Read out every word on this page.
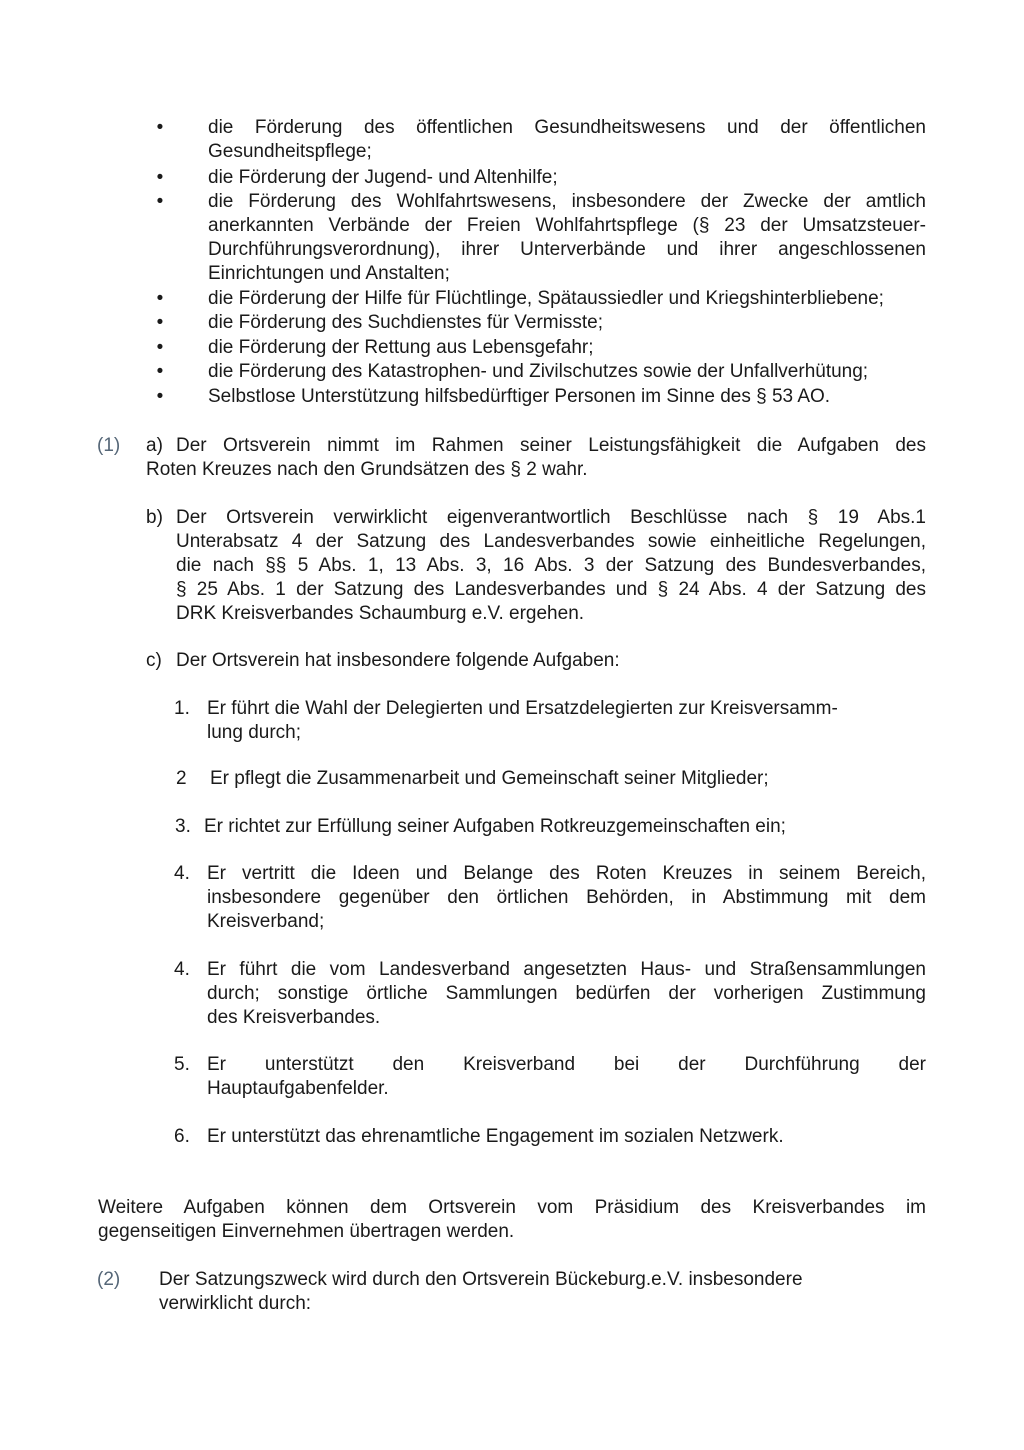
•	die Förderung des öffentlichen Gesundheitswesens und der öffentlichen
Gesundheitspflege;
•	die Förderung der Jugend- und Altenhilfe;
•	die Förderung des Wohlfahrtswesens, insbesondere der Zwecke der amtlich
anerkannten Verbände der Freien Wohlfahrtspflege (§ 23 der Umsatzsteuer-
Durchführungsverordnung), ihrer Unterverbände und ihrer angeschlossenen
Einrichtungen und Anstalten;
•	die Förderung der Hilfe für Flüchtlinge, Spätaussiedler und Kriegshinterbliebene;
•	die Förderung des Suchdienstes für Vermisste;
•	die Förderung der Rettung aus Lebensgefahr;
•	die Förderung des Katastrophen- und Zivilschutzes sowie der Unfallverhütung;
•	Selbstlose Unterstützung hilfsbedürftiger Personen im Sinne des § 53 AO.
(1) a) Der Ortsverein nimmt im Rahmen seiner Leistungsfähigkeit die Aufgaben des
Roten Kreuzes nach den Grundsätzen des § 2 wahr.
b) Der Ortsverein verwirklicht eigenverantwortlich Beschlüsse nach § 19 Abs.1
Unterabsatz 4 der Satzung des Landesverbandes sowie einheitliche Regelungen,
die nach §§ 5 Abs. 1, 13 Abs. 3, 16 Abs. 3 der Satzung des Bundesverbandes,
§ 25 Abs. 1 der Satzung des Landesverbandes und § 24 Abs. 4 der Satzung des
DRK Kreisverbandes Schaumburg e.V. ergehen.
c) Der Ortsverein hat insbesondere folgende Aufgaben:
1. Er führt die Wahl der Delegierten und Ersatzdelegierten zur Kreisversamm-
lung durch;
2 Er pflegt die Zusammenarbeit und Gemeinschaft seiner Mitglieder;
3. Er richtet zur Erfüllung seiner Aufgaben Rotkreuzgemeinschaften ein;
4. Er vertritt die Ideen und Belange des Roten Kreuzes in seinem Bereich,
insbesondere gegenüber den örtlichen Behörden, in Abstimmung mit dem
Kreisverband;
4. Er führt die vom Landesverband angesetzten Haus- und Straßensammlungen
durch; sonstige örtliche Sammlungen bedürfen der vorherigen Zustimmung
des Kreisverbandes.
5. Er unterstützt den Kreisverband bei der Durchführung der
Hauptaufgabenfelder.
6. Er unterstützt das ehrenamtliche Engagement im sozialen Netzwerk.
Weitere Aufgaben können dem Ortsverein vom Präsidium des Kreisverbandes im
gegenseitigen Einvernehmen übertragen werden.
(2) Der Satzungszweck wird durch den Ortsverein Bückeburg.e.V. insbesondere
verwirklicht durch:
